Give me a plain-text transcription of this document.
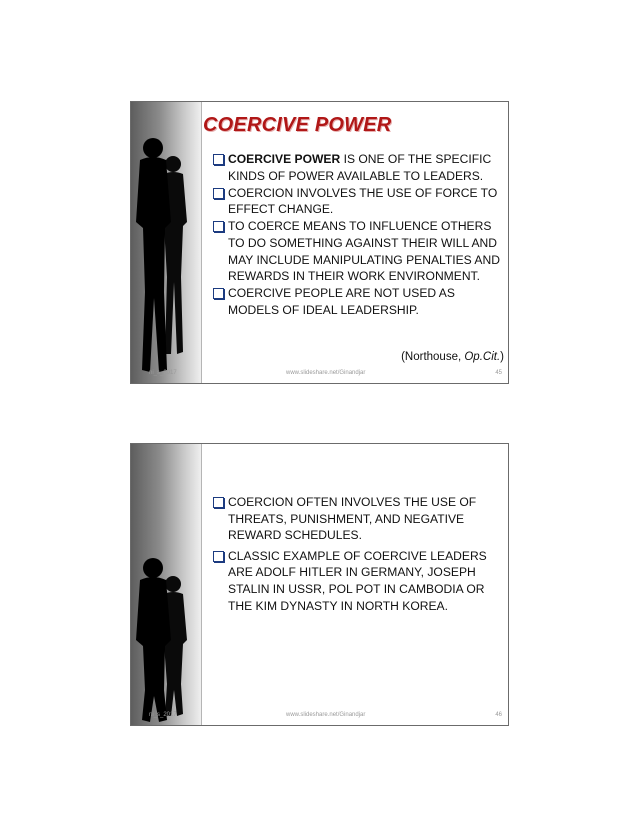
COERCIVE POWER
COERCIVE POWER IS ONE OF THE SPECIFIC KINDS OF POWER AVAILABLE TO LEADERS.
COERCION INVOLVES THE USE OF FORCE TO EFFECT CHANGE.
TO COERCE MEANS TO INFLUENCE OTHERS TO DO SOMETHING AGAINST THEIR WILL AND MAY INCLUDE MANIPULATING PENALTIES AND REWARDS IN THEIR WORK ENVIRONMENT.
COERCIVE PEOPLE ARE NOT USED AS MODELS OF IDEAL LEADERSHIP.
(Northouse, Op.Cit.)
ni_s_2017	www.slideshare.net/Ginandjar	45
COERCION OFTEN INVOLVES THE USE OF THREATS, PUNISHMENT, AND NEGATIVE REWARD SCHEDULES.
CLASSIC EXAMPLE OF COERCIVE LEADERS ARE ADOLF HITLER IN GERMANY, JOSEPH STALIN IN USSR, POL POT IN CAMBODIA OR THE KIM DYNASTY IN NORTH KOREA.
ni_s_2017	www.slideshare.net/Ginandjar	46
